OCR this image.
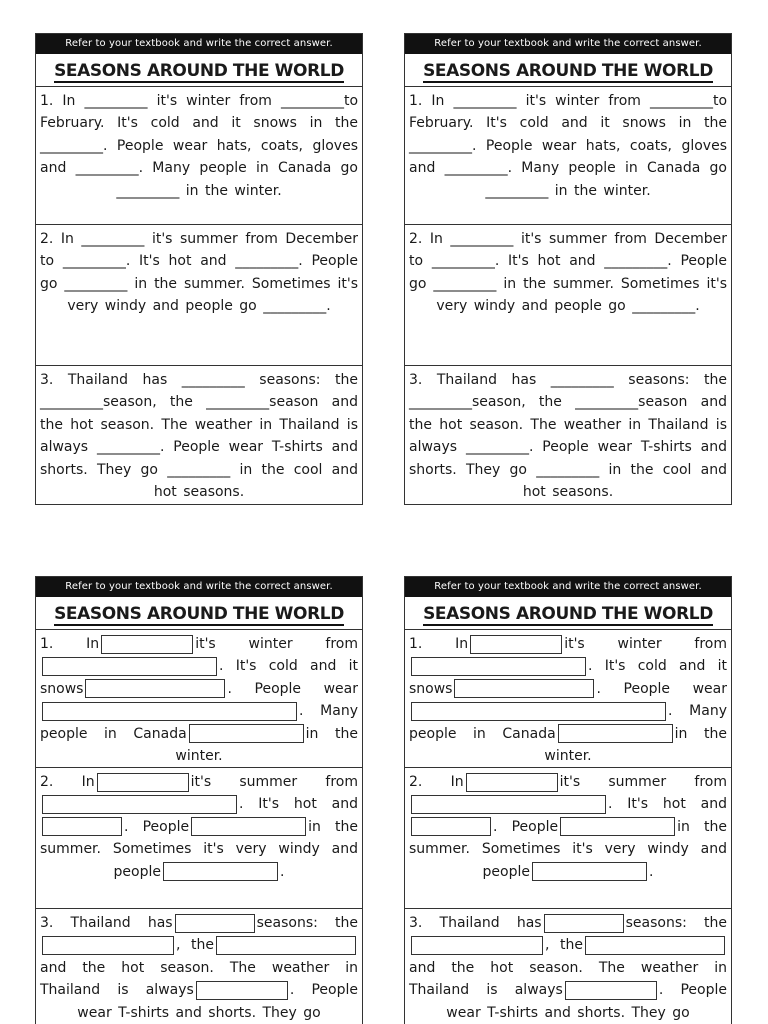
Refer to your textbook and write the correct answer.
SEASONS AROUND THE WORLD
1. In _________ it's winter from _________to February. It's cold and it snows in the _________. People wear hats, coats, gloves and _________. Many people in Canada go _________ in the winter.
2. In _________ it's summer from December to _________. It's hot and _________. People go _________ in the summer. Sometimes it's very windy and people go _________.
3. Thailand has _________ seasons: the _________season, the _________season and the hot season. The weather in Thailand is always _________. People wear T-shirts and shorts. They go _________ in the cool and hot seasons.
Refer to your textbook and write the correct answer.
SEASONS AROUND THE WORLD
1. In _________ it's winter from _________to February. It's cold and it snows in the _________. People wear hats, coats, gloves and _________. Many people in Canada go _________ in the winter.
2. In _________ it's summer from December to _________. It's hot and _________. People go _________ in the summer. Sometimes it's very windy and people go _________.
3. Thailand has _________ seasons: the _________season, the _________season and the hot season. The weather in Thailand is always _________. People wear T-shirts and shorts. They go _________ in the cool and hot seasons.
Refer to your textbook and write the correct answer.
SEASONS AROUND THE WORLD
1. In	it's winter from . It's cold and it snows	. People wear . Many people in Canada	in the winter.
2. In	it's summer from . It's hot and . People	in the summer. Sometimes it's very windy and people	.
3. Thailand has	seasons: the , the and the hot season. The weather in Thailand is always	. People wear T-shirts and shorts. They go
Refer to your textbook and write the correct answer.
SEASONS AROUND THE WORLD
1. In	it's winter from . It's cold and it snows	. People wear . Many people in Canada	in the winter.
2. In	it's summer from . It's hot and . People	in the summer. Sometimes it's very windy and people	.
3. Thailand has	seasons: the , the and the hot season. The weather in Thailand is always	. People wear T-shirts and shorts. They go
